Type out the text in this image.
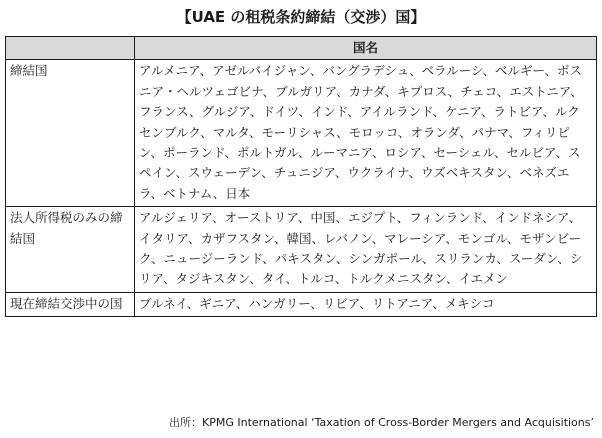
【UAE の租税条約締結（交渉）国】
	国名
締結国	アルメニア、アゼルバイジャン、バングラデシュ、ベラルーシ、ベルギー、ボスニア・ヘルツェゴビナ、ブルガリア、カナダ、キプロス、チェコ、エストニア、フランス、グルジア、ドイツ、インド、アイルランド、ケニア、ラトビア、ルクセンブルク、マルタ、モーリシャス、モロッコ、オランダ、パナマ、フィリピン、ポーランド、ポルトガル、ルーマニア、ロシア、セーシェル、セルビア、スペイン、スウェーデン、チュニジア、ウクライナ、ウズベキスタン、ベネズエラ、ベトナム、日本
法人所得税のみの締結国	アルジェリア、オーストリア、中国、エジプト、フィンランド、インドネシア、イタリア、カザフスタン、韓国、レバノン、マレーシア、モンゴル、モザンビーク、ニュージーランド、パキスタン、シンガポール、スリランカ、スーダン、シリア、タジキスタン、タイ、トルコ、トルクメニスタン、イエメン
現在締結交渉中の国	ブルネイ、ギニア、ハンガリー、リビア、リトアニア、メキシコ
出所：KPMG International ‘Taxation of Cross-Border Mergers and Acquisitions’
